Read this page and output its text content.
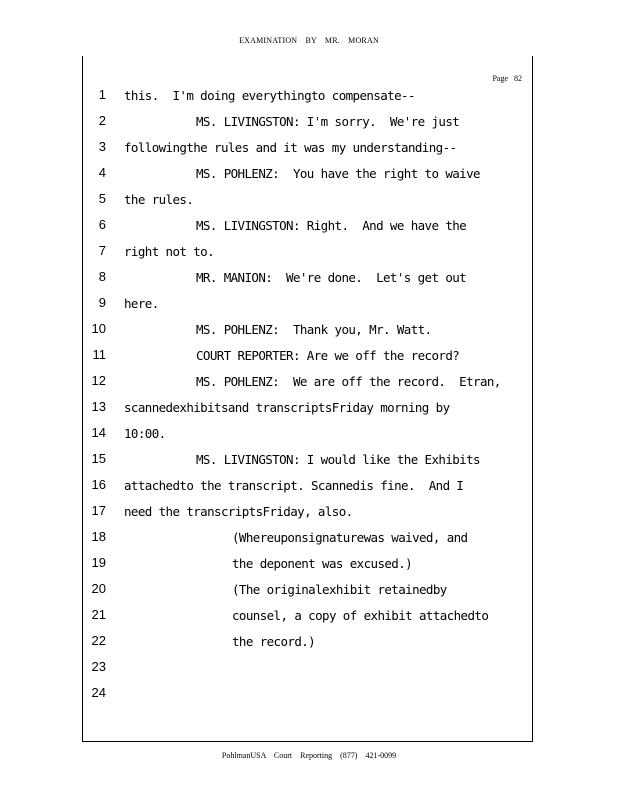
EXAMINATION BY MR. MORAN
Page 82
1
2
3
4
5
6
7
8
9
10
11
12
13
14
15
16
17
18
19
20
21
22
23
24
this.  I'm doing everythingto compensate--
MS. LIVINGSTON: I'm sorry.  We're just
followingthe rules and it was my understanding--
MS. POHLENZ:  You have the right to waive
the rules.
MS. LIVINGSTON: Right.  And we have the
right not to.
MR. MANION:  We're done.  Let's get out
here.
MS. POHLENZ:  Thank you, Mr. Watt.
COURT REPORTER: Are we off the record?
MS. POHLENZ:  We are off the record.  Etran,
scannedexhibitsand transcriptsFriday morning by
10:00.
MS. LIVINGSTON: I would like the Exhibits
attachedto the transcript. Scannedis fine.  And I
need the transcriptsFriday, also.
(Whereuponsignaturewas waived, and
the deponent was excused.)
(The originalexhibit retainedby
counsel, a copy of exhibit attachedto
the record.)
PohlmanUSA Court Reporting (877) 421-0099
